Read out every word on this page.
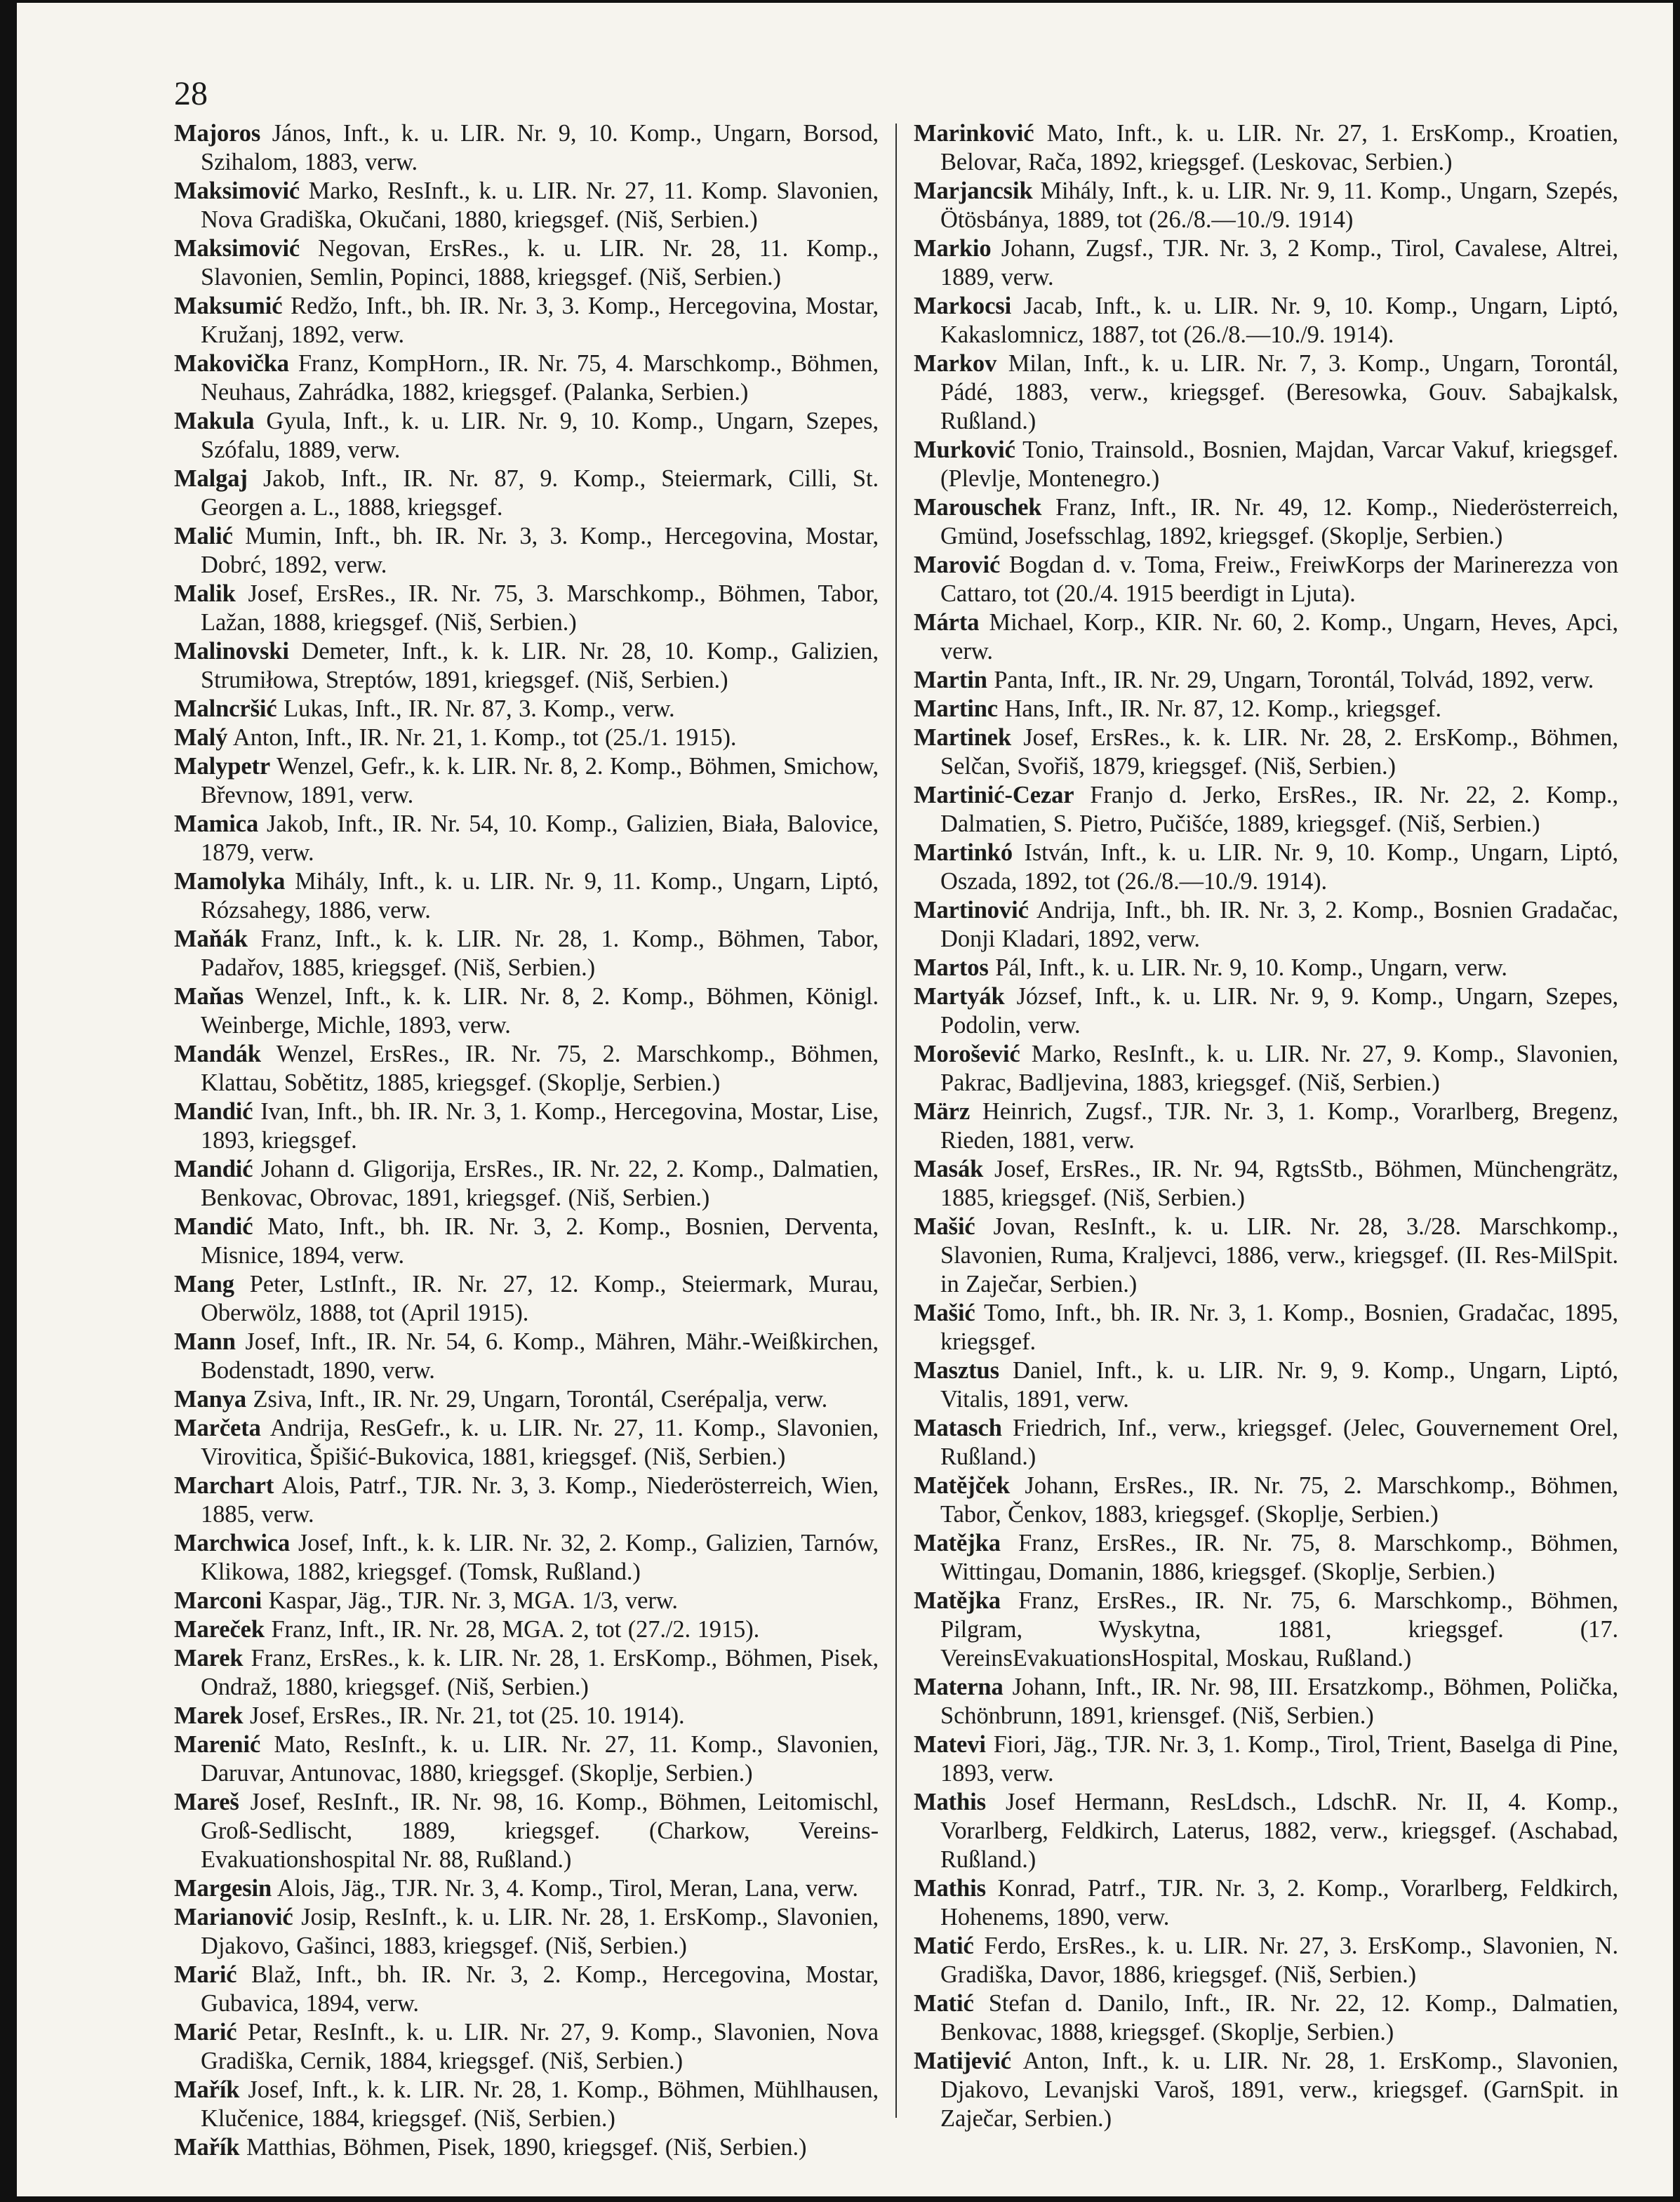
28

Majoros János, Inft., k. u. LIR. Nr. 9, 10. Komp., Ungarn, Borsod, Szihalom, 1883, verw.

Maksimović Marko, ResInft., k. u. LIR. Nr. 27, 11. Komp. Slavonien, Nova Gradiška, Okučani, 1880, kriegsgef. (Niš, Serbien.)

Maksimović Negovan, ErsRes., k. u. LIR. Nr. 28, 11. Komp., Slavonien, Semlin, Popinci, 1888, kriegsgef. (Niš, Serbien.)

Maksumić Redžo, Inft., bh. IR. Nr. 3, 3. Komp., Hercegovina, Mostar, Kružanj, 1892, verw.

Makovička Franz, KompHorn., IR. Nr. 75, 4. Marschkomp., Böhmen, Neuhaus, Zahrádka, 1882, kriegsgef. (Palanka, Serbien.)

Makula Gyula, Inft., k. u. LIR. Nr. 9, 10. Komp., Ungarn, Szepes, Szófalu, 1889, verw.

Malgaj Jakob, Inft., IR. Nr. 87, 9. Komp., Steiermark, Cilli, St. Georgen a. L., 1888, kriegsgef.

Malić Mumin, Inft., bh. IR. Nr. 3, 3. Komp., Hercegovina, Mostar, Dobrć, 1892, verw.

Malik Josef, ErsRes., IR. Nr. 75, 3. Marschkomp., Böhmen, Tabor, Lažan, 1888, kriegsgef. (Niš, Serbien.)

Malinovski Demeter, Inft., k. k. LIR. Nr. 28, 10. Komp., Galizien, Strumiłowa, Streptów, 1891, kriegsgef. (Niš, Serbien.)

Malncršić Lukas, Inft., IR. Nr. 87, 3. Komp., verw.

Malý Anton, Inft., IR. Nr. 21, 1. Komp., tot (25./1. 1915).

Malypetr Wenzel, Gefr., k. k. LIR. Nr. 8, 2. Komp., Böhmen, Smichow, Břevnow, 1891, verw.

Mamica Jakob, Inft., IR. Nr. 54, 10. Komp., Galizien, Biała, Balovice, 1879, verw.

Mamolyka Mihály, Inft., k. u. LIR. Nr. 9, 11. Komp., Ungarn, Liptó, Rózsahegy, 1886, verw.

Maňák Franz, Inft., k. k. LIR. Nr. 28, 1. Komp., Böhmen, Tabor, Padařov, 1885, kriegsgef. (Niš, Serbien.)

Maňas Wenzel, Inft., k. k. LIR. Nr. 8, 2. Komp., Böhmen, Königl. Weinberge, Michle, 1893, verw.

Mandák Wenzel, ErsRes., IR. Nr. 75, 2. Marschkomp., Böhmen, Klattau, Sobětitz, 1885, kriegsgef. (Skoplje, Serbien.)

Mandić Ivan, Inft., bh. IR. Nr. 3, 1. Komp., Hercegovina, Mostar, Lise, 1893, kriegsgef.

Mandić Johann d. Gligorija, ErsRes., IR. Nr. 22, 2. Komp., Dalmatien, Benkovac, Obrovac, 1891, kriegsgef. (Niš, Serbien.)

Mandić Mato, Inft., bh. IR. Nr. 3, 2. Komp., Bosnien, Derventa, Misnice, 1894, verw.

Mang Peter, LstInft., IR. Nr. 27, 12. Komp., Steiermark, Murau, Oberwölz, 1888, tot (April 1915).

Mann Josef, Inft., IR. Nr. 54, 6. Komp., Mähren, Mähr.-Weißkirchen, Bodenstadt, 1890, verw.

Manya Zsiva, Inft., IR. Nr. 29, Ungarn, Torontál, Cserépalja, verw.

Marčeta Andrija, ResGefr., k. u. LIR. Nr. 27, 11. Komp., Slavonien, Virovitica, Špišić-Bukovica, 1881, kriegsgef. (Niš, Serbien.)

Marchart Alois, Patrf., TJR. Nr. 3, 3. Komp., Niederösterreich, Wien, 1885, verw.

Marchwica Josef, Inft., k. k. LIR. Nr. 32, 2. Komp., Galizien, Tarnów, Klikowa, 1882, kriegsgef. (Tomsk, Rußland.)

Marconi Kaspar, Jäg., TJR. Nr. 3, MGA. 1/3, verw.

Mareček Franz, Inft., IR. Nr. 28, MGA. 2, tot (27./2. 1915).

Marek Franz, ErsRes., k. k. LIR. Nr. 28, 1. ErsKomp., Böhmen, Pisek, Ondraž, 1880, kriegsgef. (Niš, Serbien.)

Marek Josef, ErsRes., IR. Nr. 21, tot (25. 10. 1914).

Marenić Mato, ResInft., k. u. LIR. Nr. 27, 11. Komp., Slavonien, Daruvar, Antunovac, 1880, kriegsgef. (Skoplje, Serbien.)

Mareš Josef, ResInft., IR. Nr. 98, 16. Komp., Böhmen, Leitomischl, Groß-Sedlischt, 1889, kriegsgef. (Charkow, Vereins-Evakuationshospital Nr. 88, Rußland.)

Margesin Alois, Jäg., TJR. Nr. 3, 4. Komp., Tirol, Meran, Lana, verw.

Marianović Josip, ResInft., k. u. LIR. Nr. 28, 1. ErsKomp., Slavonien, Djakovo, Gašinci, 1883, kriegsgef. (Niš, Serbien.)

Marić Blaž, Inft., bh. IR. Nr. 3, 2. Komp., Hercegovina, Mostar, Gubavica, 1894, verw.

Marić Petar, ResInft., k. u. LIR. Nr. 27, 9. Komp., Slavonien, Nova Gradiška, Cernik, 1884, kriegsgef. (Niš, Serbien.)

Mařík Josef, Inft., k. k. LIR. Nr. 28, 1. Komp., Böhmen, Mühlhausen, Klučenice, 1884, kriegsgef. (Niš, Serbien.)

Mařík Matthias, Böhmen, Pisek, 1890, kriegsgef. (Niš, Serbien.)

Marinković Mato, Inft., k. u. LIR. Nr. 27, 1. ErsKomp., Kroatien, Belovar, Rača, 1892, kriegsgef. (Leskovac, Serbien.)

Marjancsik Mihály, Inft., k. u. LIR. Nr. 9, 11. Komp., Ungarn, Szepés, Ötösbánya, 1889, tot (26./8.—10./9. 1914)

Markio Johann, Zugsf., TJR. Nr. 3, 2 Komp., Tirol, Cavalese, Altrei, 1889, verw.

Markocsi Jacab, Inft., k. u. LIR. Nr. 9, 10. Komp., Ungarn, Liptó, Kakaslomnicz, 1887, tot (26./8.—10./9. 1914).

Markov Milan, Inft., k. u. LIR. Nr. 7, 3. Komp., Ungarn, Torontál, Pádé, 1883, verw., kriegsgef. (Beresowka, Gouv. Sabajkalsk, Rußland.)

Murković Tonio, Trainsold., Bosnien, Majdan, Varcar Vakuf, kriegsgef. (Plevlje, Montenegro.)

Marouschek Franz, Inft., IR. Nr. 49, 12. Komp., Niederösterreich, Gmünd, Josefsschlag, 1892, kriegsgef. (Skoplje, Serbien.)

Marović Bogdan d. v. Toma, Freiw., FreiwKorps der Marinerezza von Cattaro, tot (20./4. 1915 beerdigt in Ljuta).

Márta Michael, Korp., KIR. Nr. 60, 2. Komp., Ungarn, Heves, Apci, verw.

Martin Panta, Inft., IR. Nr. 29, Ungarn, Torontál, Tolvád, 1892, verw.

Martinc Hans, Inft., IR. Nr. 87, 12. Komp., kriegsgef.

Martinek Josef, ErsRes., k. k. LIR. Nr. 28, 2. ErsKomp., Böhmen, Selčan, Svořiš, 1879, kriegsgef. (Niš, Serbien.)

Martinić-Cezar Franjo d. Jerko, ErsRes., IR. Nr. 22, 2. Komp., Dalmatien, S. Pietro, Pučišće, 1889, kriegsgef. (Niš, Serbien.)

Martinkó István, Inft., k. u. LIR. Nr. 9, 10. Komp., Ungarn, Liptó, Oszada, 1892, tot (26./8.—10./9. 1914).

Martinović Andrija, Inft., bh. IR. Nr. 3, 2. Komp., Bosnien Gradačac, Donji Kladari, 1892, verw.

Martos Pál, Inft., k. u. LIR. Nr. 9, 10. Komp., Ungarn, verw.

Martyák József, Inft., k. u. LIR. Nr. 9, 9. Komp., Ungarn, Szepes, Podolin, verw.

Morošević Marko, ResInft., k. u. LIR. Nr. 27, 9. Komp., Slavonien, Pakrac, Badljevina, 1883, kriegsgef. (Niš, Serbien.)

März Heinrich, Zugsf., TJR. Nr. 3, 1. Komp., Vorarlberg, Bregenz, Rieden, 1881, verw.

Masák Josef, ErsRes., IR. Nr. 94, RgtsStb., Böhmen, Münchengrätz, 1885, kriegsgef. (Niš, Serbien.)

Mašić Jovan, ResInft., k. u. LIR. Nr. 28, 3./28. Marschkomp., Slavonien, Ruma, Kraljevci, 1886, verw., kriegsgef. (II. Res-MilSpit. in Zaječar, Serbien.)

Mašić Tomo, Inft., bh. IR. Nr. 3, 1. Komp., Bosnien, Gradačac, 1895, kriegsgef.

Masztus Daniel, Inft., k. u. LIR. Nr. 9, 9. Komp., Ungarn, Liptó, Vitalis, 1891, verw.

Matasch Friedrich, Inf., verw., kriegsgef. (Jelec, Gouvernement Orel, Rußland.)

Matějček Johann, ErsRes., IR. Nr. 75, 2. Marschkomp., Böhmen, Tabor, Čenkov, 1883, kriegsgef. (Skoplje, Serbien.)

Matějka Franz, ErsRes., IR. Nr. 75, 8. Marschkomp., Böhmen, Wittingau, Domanin, 1886, kriegsgef. (Skoplje, Serbien.)

Matějka Franz, ErsRes., IR. Nr. 75, 6. Marschkomp., Böhmen, Pilgram, Wyskytna, 1881, kriegsgef. (17. VereinsEvakuationsHospital, Moskau, Rußland.)

Materna Johann, Inft., IR. Nr. 98, III. Ersatzkomp., Böhmen, Polička, Schönbrunn, 1891, kriensgef. (Niš, Serbien.)

Matevi Fiori, Jäg., TJR. Nr. 3, 1. Komp., Tirol, Trient, Baselga di Pine, 1893, verw.

Mathis Josef Hermann, ResLdsch., LdschR. Nr. II, 4. Komp., Vorarlberg, Feldkirch, Laterus, 1882, verw., kriegsgef. (Aschabad, Rußland.)

Mathis Konrad, Patrf., TJR. Nr. 3, 2. Komp., Vorarlberg, Feldkirch, Hohenems, 1890, verw.

Matić Ferdo, ErsRes., k. u. LIR. Nr. 27, 3. ErsKomp., Slavonien, N. Gradiška, Davor, 1886, kriegsgef. (Niš, Serbien.)

Matić Stefan d. Danilo, Inft., IR. Nr. 22, 12. Komp., Dalmatien, Benkovac, 1888, kriegsgef. (Skoplje, Serbien.)

Matijević Anton, Inft., k. u. LIR. Nr. 28, 1. ErsKomp., Slavonien, Djakovo, Levanjski Varoš, 1891, verw., kriegsgef. (GarnSpit. in Zaječar, Serbien.)
